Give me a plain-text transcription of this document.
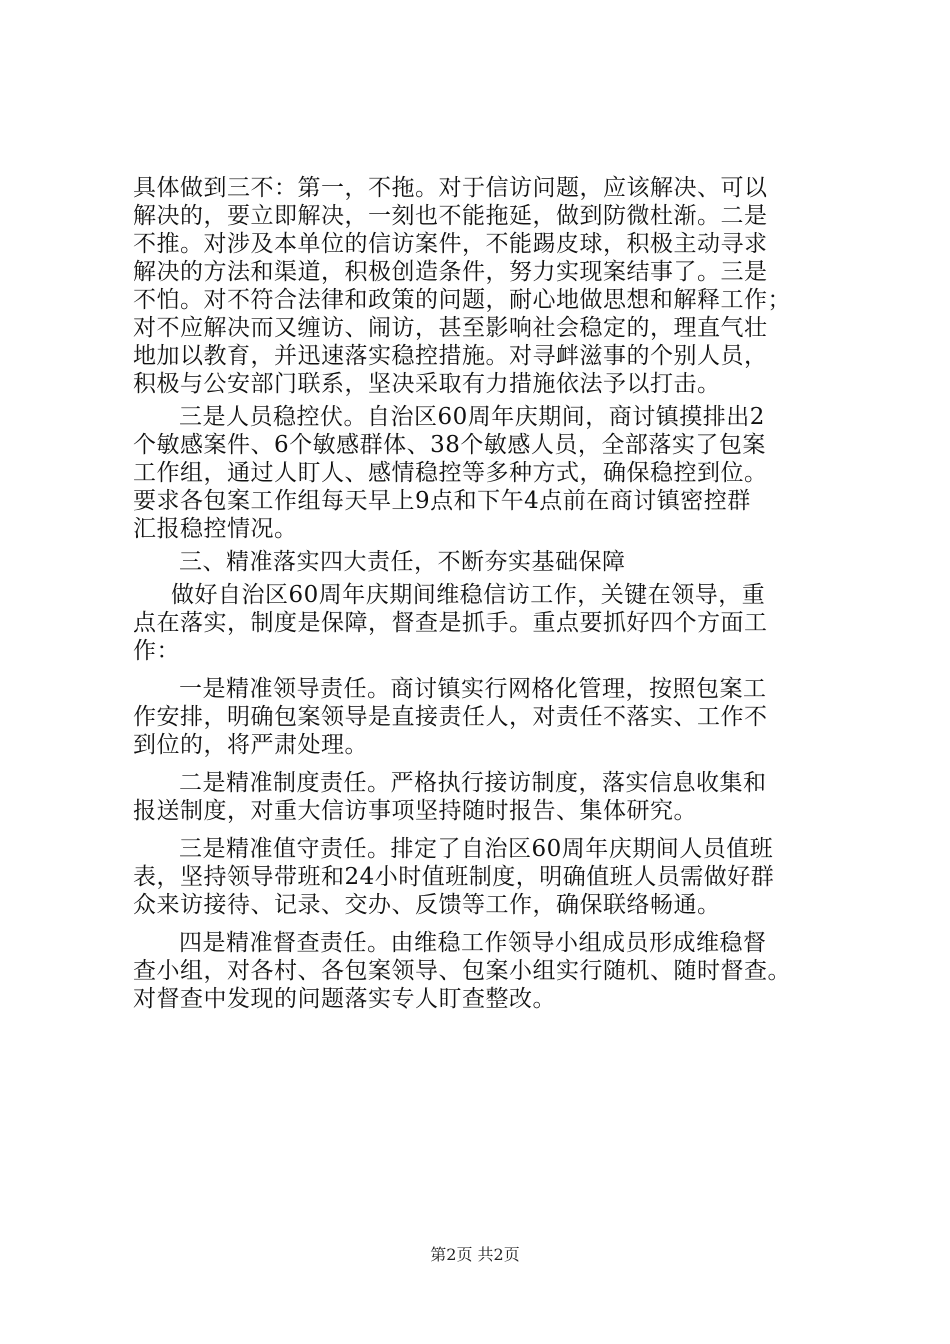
具体做到三不：第一，不拖。对于信访问题，应该解决、可以

解决的，要立即解决，一刻也不能拖延，做到防微杜渐。二是

不推。对涉及本单位的信访案件，不能踢皮球，积极主动寻求

解决的方法和渠道，积极创造条件，努力实现案结事了。三是

不怕。对不符合法律和政策的问题，耐心地做思想和解释工作；

对不应解决而又缠访、闹访，甚至影响社会稳定的，理直气壮

地加以教育，并迅速落实稳控措施。对寻衅滋事的个别人员，

积极与公安部门联系，坚决采取有力措施依法予以打击。

三是人员稳控伏。自治区60周年庆期间，商讨镇摸排出2

个敏感案件、6个敏感群体、38个敏感人员，全部落实了包案

工作组，通过人盯人、感情稳控等多种方式，确保稳控到位。

要求各包案工作组每天早上9点和下午4点前在商讨镇密控群

汇报稳控情况。

三、精准落实四大责任，不断夯实基础保障

做好自治区60周年庆期间维稳信访工作，关键在领导，重

点在落实，制度是保障，督查是抓手。重点要抓好四个方面工

作：

一是精准领导责任。商讨镇实行网格化管理，按照包案工

作安排，明确包案领导是直接责任人，对责任不落实、工作不

到位的，将严肃处理。

二是精准制度责任。严格执行接访制度，落实信息收集和

报送制度，对重大信访事项坚持随时报告、集体研究。

三是精准值守责任。排定了自治区60周年庆期间人员值班

表，坚持领导带班和24小时值班制度，明确值班人员需做好群

众来访接待、记录、交办、反馈等工作，确保联络畅通。

四是精准督查责任。由维稳工作领导小组成员形成维稳督

查小组，对各村、各包案领导、包案小组实行随机、随时督查。

对督查中发现的问题落实专人盯查整改。

第2页 共2页
